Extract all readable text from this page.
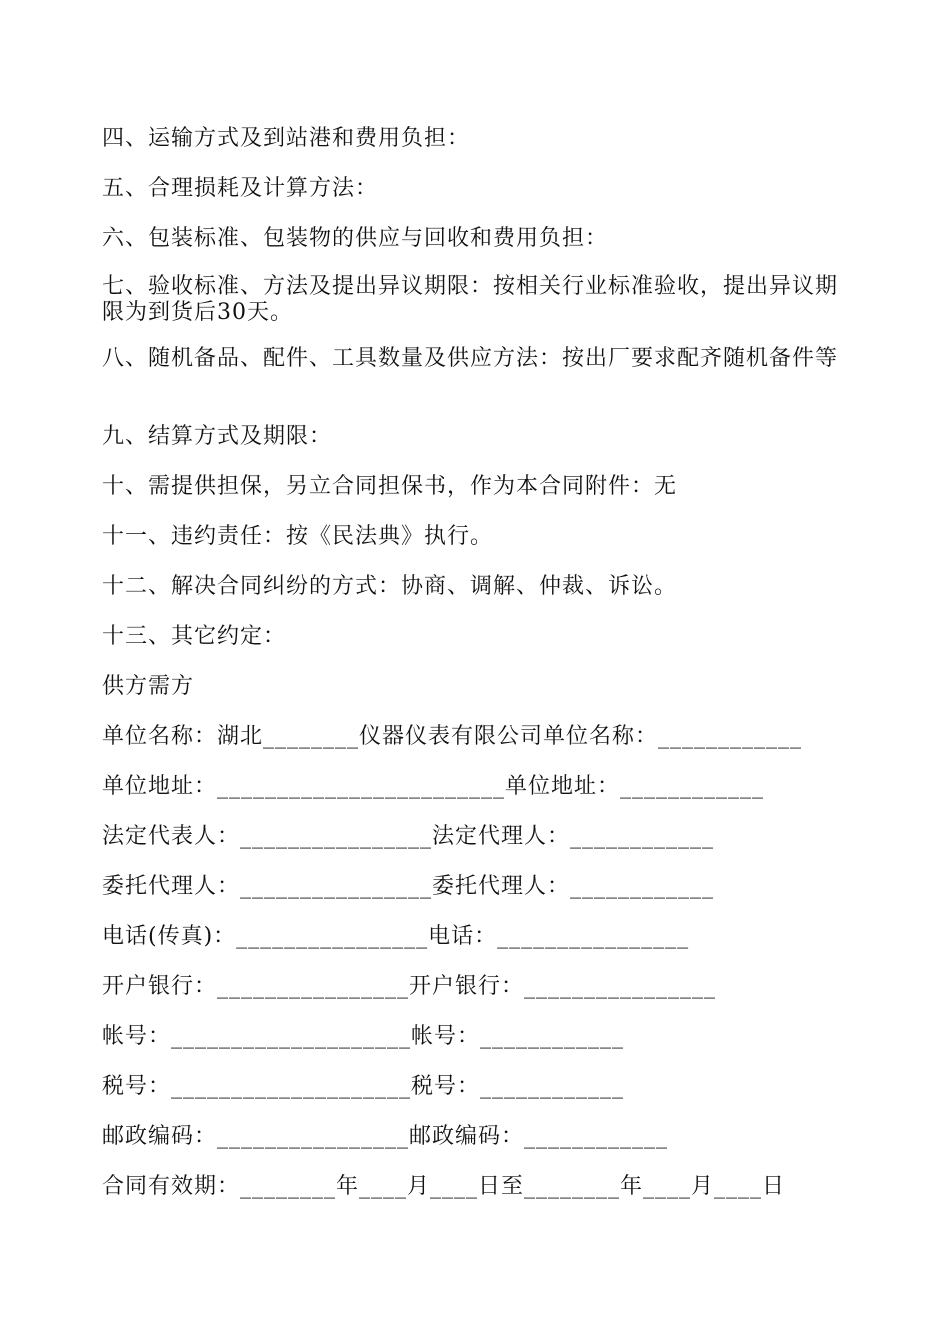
四、运输方式及到站港和费用负担：
五、合理损耗及计算方法：
六、包装标准、包装物的供应与回收和费用负担：
七、验收标准、方法及提出异议期限：按相关行业标准验收，提出异议期限为到货后30天。
八、随机备品、配件、工具数量及供应方法：按出厂要求配齐随机备件等
九、结算方式及期限：
十、需提供担保，另立合同担保书，作为本合同附件：无
十一、违约责任：按《民法典》执行。
十二、解决合同纠纷的方式：协商、调解、仲裁、诉讼。
十三、其它约定：
供方需方
单位名称：湖北________仪器仪表有限公司单位名称：____________
单位地址：________________________单位地址：____________
法定代表人：________________法定代理人：____________
委托代理人：________________委托代理人：____________
电话(传真)：________________电话：________________
开户银行：________________开户银行：________________
帐号：____________________帐号：____________
税号：____________________税号：____________
邮政编码：________________邮政编码：____________
合同有效期：________年____月____日至________年____月____日
